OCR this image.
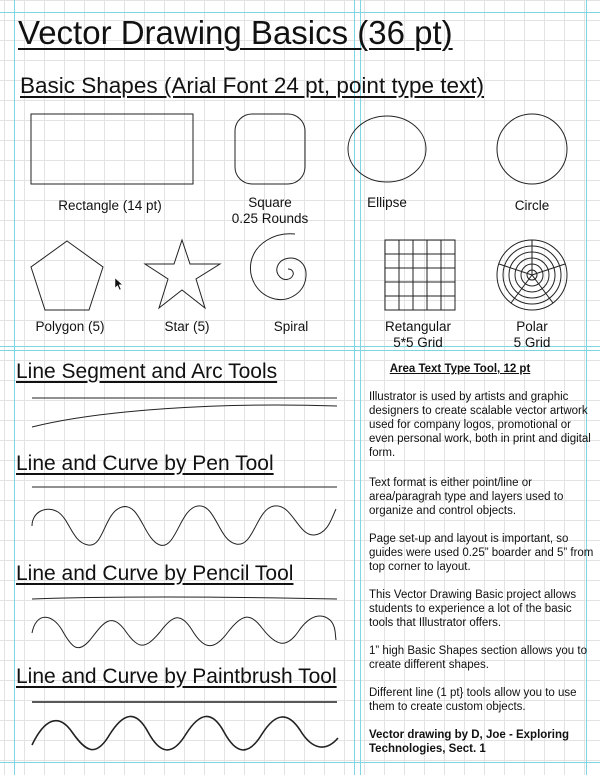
Vector Drawing Basics (36 pt)
Basic Shapes (Arial Font 24 pt, point type text)
Rectangle (14 pt)	Square
0.25 Rounds
Ellipse	Circle
Polygon (5)	Star (5)	Spiral	Retangular
5*5 Grid
Polar
5 Grid
Line Segment and Arc Tools
Line and Curve by Pen Tool
Line and Curve by Pencil Tool
Line and Curve by Paintbrush Tool
Area Text Type Tool, 12 pt
Illustrator is used by artists and graphic designers to create scalable vector artwork used for company logos, promotional or even personal work, both in print and digital form.
Text format is either point/line or area/paragrah type and layers used to organize and control objects.
Page set-up and layout is important, so guides were used 0.25” boarder and 5” from top corner to layout.
This Vector Drawing Basic project allows students to experience a lot of the basic tools that Illustrator offers.
1” high Basic Shapes section allows you to create different shapes.
Different line (1 pt} tools allow you to use them to create custom objects.
Vector drawing by D, Joe - Exploring Technologies, Sect. 1
